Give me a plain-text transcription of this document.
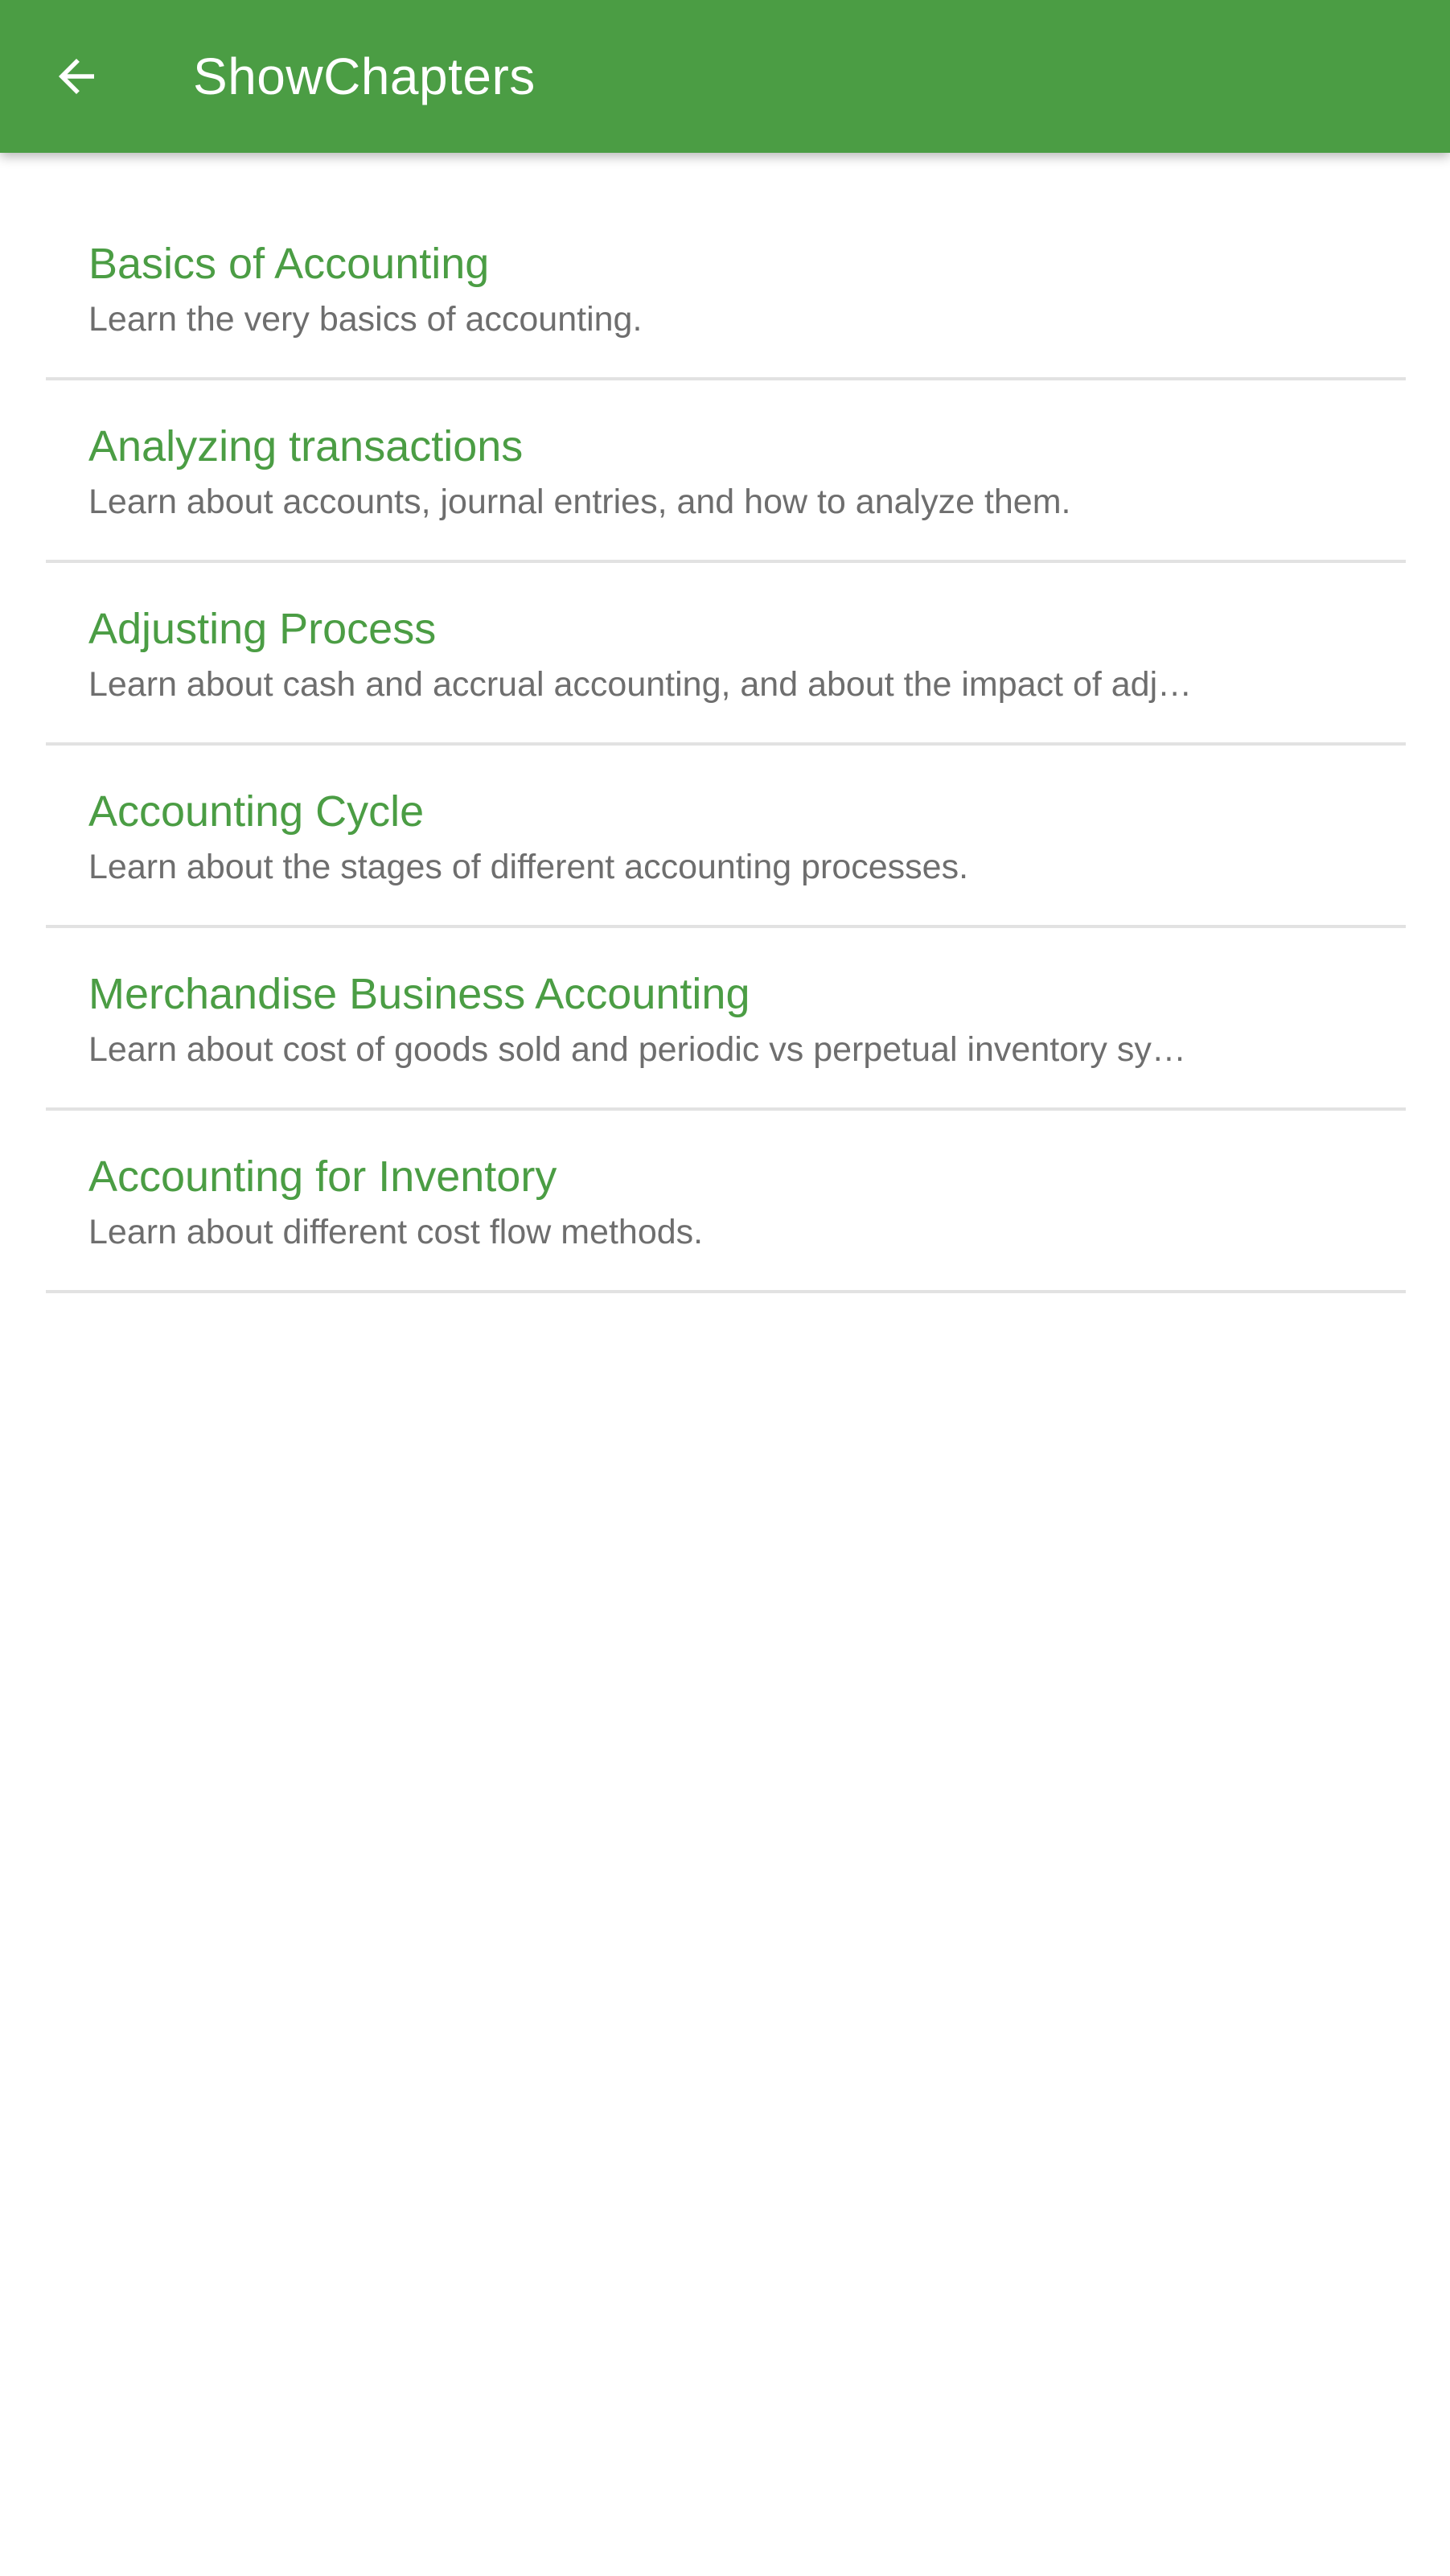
ShowChapters
Basics of Accounting
Learn the very basics of accounting.
Analyzing transactions
Learn about accounts, journal entries, and how to analyze them.
Adjusting Process
Learn about cash and accrual accounting, and about the impact of adj…
Accounting Cycle
Learn about the stages of different accounting processes.
Merchandise Business Accounting
Learn about cost of goods sold and periodic vs perpetual inventory sy…
Accounting for Inventory
Learn about different cost flow methods.
